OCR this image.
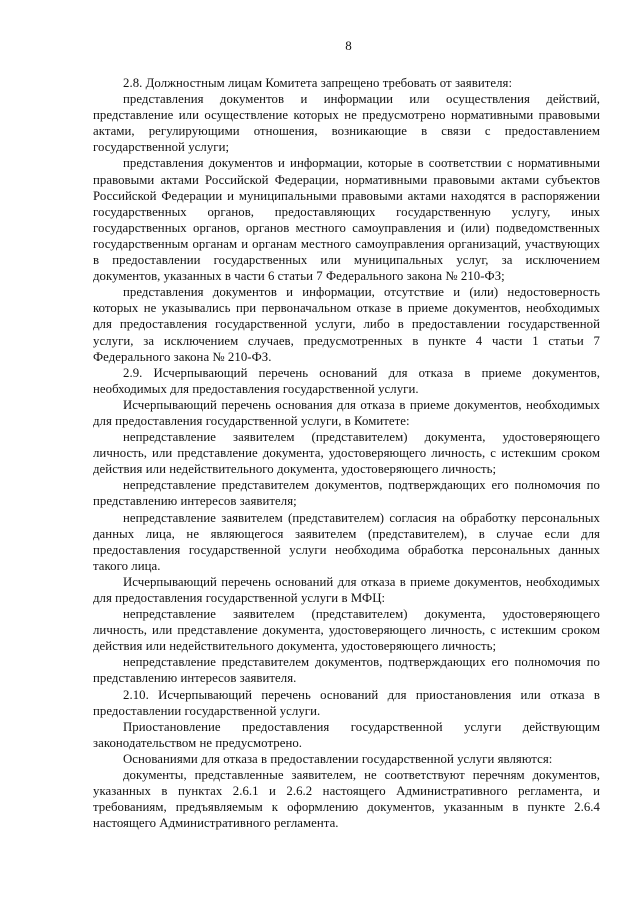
8

2.8. Должностным лицам Комитета запрещено требовать от заявителя:

представления документов и информации или осуществления действий, представление или осуществление которых не предусмотрено нормативными правовыми актами, регулирующими отношения, возникающие в связи с предоставлением государственной услуги;

представления документов и информации, которые в соответствии с нормативными правовыми актами Российской Федерации, нормативными правовыми актами субъектов Российской Федерации и муниципальными правовыми актами находятся в распоряжении государственных органов, предоставляющих государственную услугу, иных государственных органов, органов местного самоуправления и (или) подведомственных государственным органам и органам местного самоуправления организаций, участвующих в предоставлении государственных или муниципальных услуг, за исключением документов, указанных в части 6 статьи 7 Федерального закона № 210-ФЗ;

представления документов и информации, отсутствие и (или) недостоверность которых не указывались при первоначальном отказе в приеме документов, необходимых для предоставления государственной услуги, либо в предоставлении государственной услуги, за исключением случаев, предусмотренных в пункте 4 части 1 статьи 7 Федерального закона № 210-ФЗ.

2.9. Исчерпывающий перечень оснований для отказа в приеме документов, необходимых для предоставления государственной услуги.

Исчерпывающий перечень основания для отказа в приеме документов, необходимых для предоставления государственной услуги, в Комитете:

непредставление заявителем (представителем) документа, удостоверяющего личность, или представление документа, удостоверяющего личность, с истекшим сроком действия или недействительного документа, удостоверяющего личность;

непредставление представителем документов, подтверждающих его полномочия по представлению интересов заявителя;

непредставление заявителем (представителем) согласия на обработку персональных данных лица, не являющегося заявителем (представителем), в случае если для предоставления государственной услуги необходима обработка персональных данных такого лица.

Исчерпывающий перечень оснований для отказа в приеме документов, необходимых для предоставления государственной услуги в МФЦ:

непредставление заявителем (представителем) документа, удостоверяющего личность, или представление документа, удостоверяющего личность, с истекшим сроком действия или недействительного документа, удостоверяющего личность;

непредставление представителем документов, подтверждающих его полномочия по представлению интересов заявителя.

2.10. Исчерпывающий перечень оснований для приостановления или отказа в предоставлении государственной услуги.

Приостановление предоставления государственной услуги действующим законодательством не предусмотрено.

Основаниями для отказа в предоставлении государственной услуги являются:

документы, представленные заявителем, не соответствуют перечням документов, указанных в пунктах 2.6.1 и 2.6.2 настоящего Административного регламента, и требованиям, предъявляемым к оформлению документов, указанным в пункте 2.6.4 настоящего Административного регламента.
